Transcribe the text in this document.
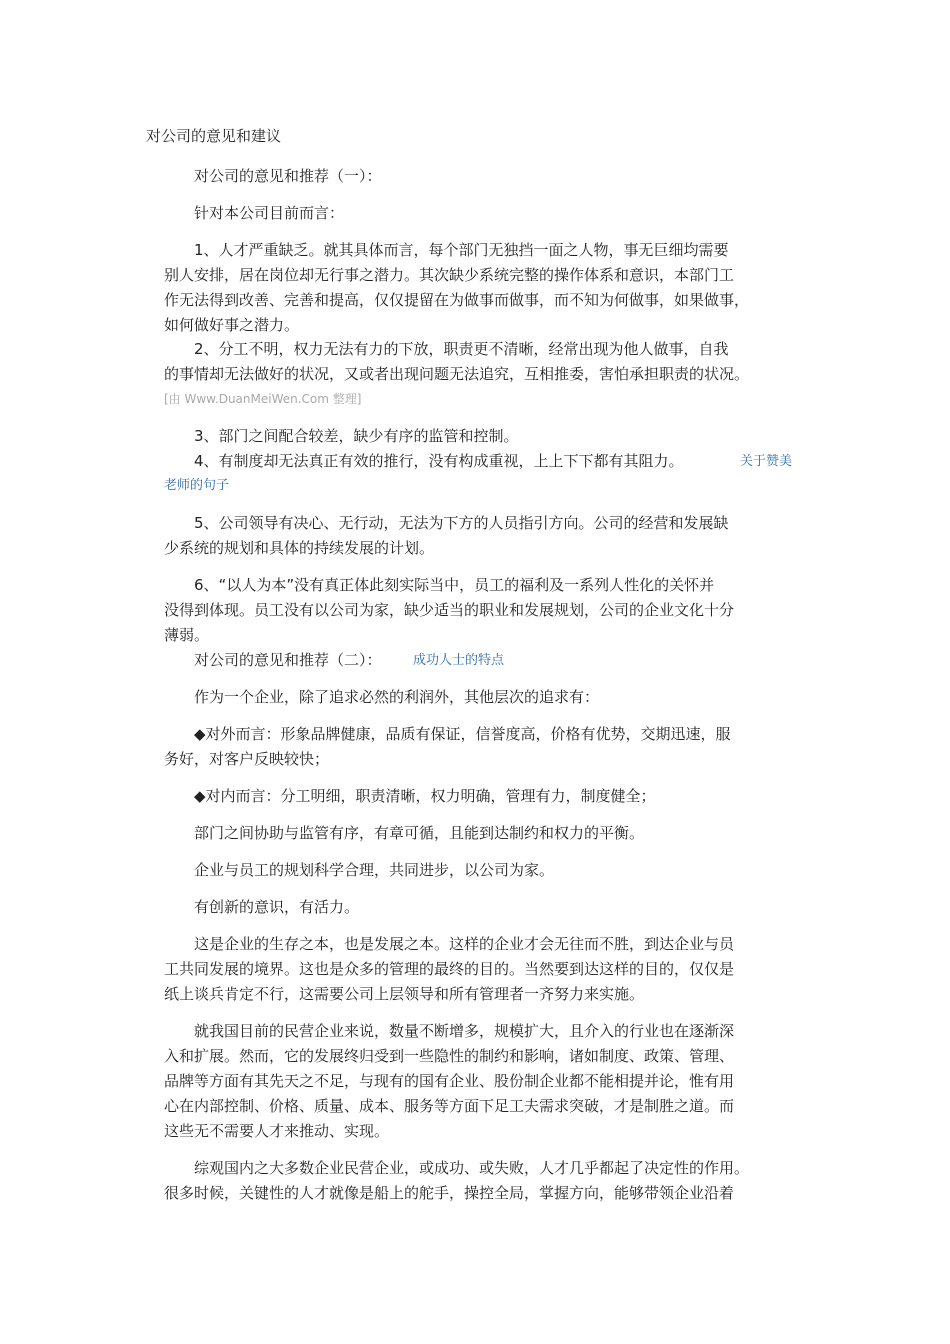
对公司的意见和建议
对公司的意见和推荐（一）：
针对本公司目前而言：
1、人才严重缺乏。就其具体而言，每个部门无独挡一面之人物，事无巨细均需要
别人安排，居在岗位却无行事之潜力。其次缺少系统完整的操作体系和意识，本部门工
作无法得到改善、完善和提高，仅仅提留在为做事而做事，而不知为何做事，如果做事，
如何做好事之潜力。
2、分工不明，权力无法有力的下放，职责更不清晰，经常出现为他人做事，自我
的事情却无法做好的状况，又或者出现问题无法追究，互相推委，害怕承担职责的状况。
[由 Www.DuanMeiWen.Com 整理]
3、部门之间配合较差，缺少有序的监管和控制。
4、有制度却无法真正有效的推行，没有构成重视，上上下下都有其阻力。	关于赞美
老师的句子
5、公司领导有决心、无行动，无法为下方的人员指引方向。公司的经营和发展缺
少系统的规划和具体的持续发展的计划。
6、“以人为本”没有真正体此刻实际当中，员工的福利及一系列人性化的关怀并
没得到体现。员工没有以公司为家，缺少适当的职业和发展规划，公司的企业文化十分
薄弱。
对公司的意见和推荐（二）： 成功人士的特点
作为一个企业，除了追求必然的利润外，其他层次的追求有：
◆对外而言：形象品牌健康，品质有保证，信誉度高，价格有优势，交期迅速，服
务好，对客户反映较快；
◆对内而言：分工明细，职责清晰，权力明确，管理有力，制度健全；
部门之间协助与监管有序，有章可循，且能到达制约和权力的平衡。
企业与员工的规划科学合理，共同进步，以公司为家。
有创新的意识，有活力。
这是企业的生存之本，也是发展之本。这样的企业才会无往而不胜，到达企业与员
工共同发展的境界。这也是众多的管理的最终的目的。当然要到达这样的目的，仅仅是
纸上谈兵肯定不行，这需要公司上层领导和所有管理者一齐努力来实施。
就我国目前的民营企业来说，数量不断增多，规模扩大，且介入的行业也在逐渐深
入和扩展。然而，它的发展终归受到一些隐性的制约和影响，诸如制度、政策、管理、
品牌等方面有其先天之不足，与现有的国有企业、股份制企业都不能相提并论，惟有用
心在内部控制、价格、质量、成本、服务等方面下足工夫需求突破，才是制胜之道。而
这些无不需要人才来推动、实现。
综观国内之大多数企业民营企业，或成功、或失败，人才几乎都起了决定性的作用。
很多时候，关键性的人才就像是船上的舵手，操控全局，掌握方向，能够带领企业沿着
